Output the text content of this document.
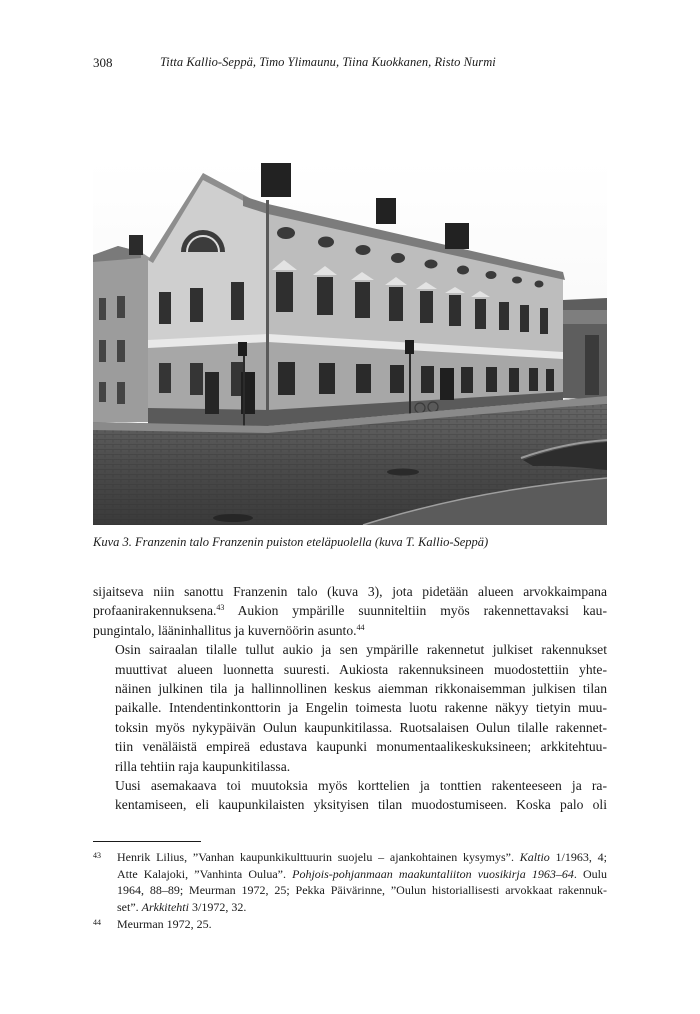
308	Titta Kallio-Seppä, Timo Ylimaunu, Tiina Kuokkanen, Risto Nurmi
Kuva 3. Franzenin talo Franzenin puiston eteläpuolella (kuva T. Kallio-Seppä)

sijaitseva niin sanottu Franzenin talo (kuva 3), jota pidetään alueen arvokkaimpana
profaanirakennuksena.$^{43}$ Aukion ympärille suunniteltiin myös rakennettavaksi kau-
pungintalo, lääninhallitus ja kuvernöörin asunto.$^{44}$

Osin sairaalan tilalle tullut aukio ja sen ympärille rakennetut julkiset rakennukset
muuttivat alueen luonnetta suuresti. Aukiosta rakennuksineen muodostettiin yhte-
näinen julkinen tila ja hallinnollinen keskus aiemman rikkonaisemman julkisen tilan
paikalle. Intendentinkonttorin ja Engelin toimesta luotu rakenne näkyy tietyin muu-
toksin myös nykypäivän Oulun kaupunkitilassa. Ruotsalaisen Oulun tilalle rakennet-
tiin venäläistä empireä edustava kaupunki monumentaalikeskuksineen; arkkitehtuu-
rilla tehtiin raja kaupunkitilassa.

Uusi asemakaava toi muutoksia myös korttelien ja tonttien rakenteeseen ja ra-
kentamiseen, eli kaupunkilaisten yksityisen tilan muodostumiseen. Koska palo oli

43 Henrik Lilius, ”Vanhan kaupunkikulttuurin suojelu – ajankohtainen kysymys”. Kaltio 1/1963, 4;
Atte Kalajoki, ”Vanhinta Oulua”. Pohjois-pohjanmaan maakuntaliiton vuosikirja 1963–64. Oulu
1964, 88–89; Meurman 1972, 25; Pekka Päivärinne, ”Oulun historiallisesti arvokkaat rakennuk-
set”. Arkkitehti 3/1972, 32.
44 Meurman 1972, 25.
